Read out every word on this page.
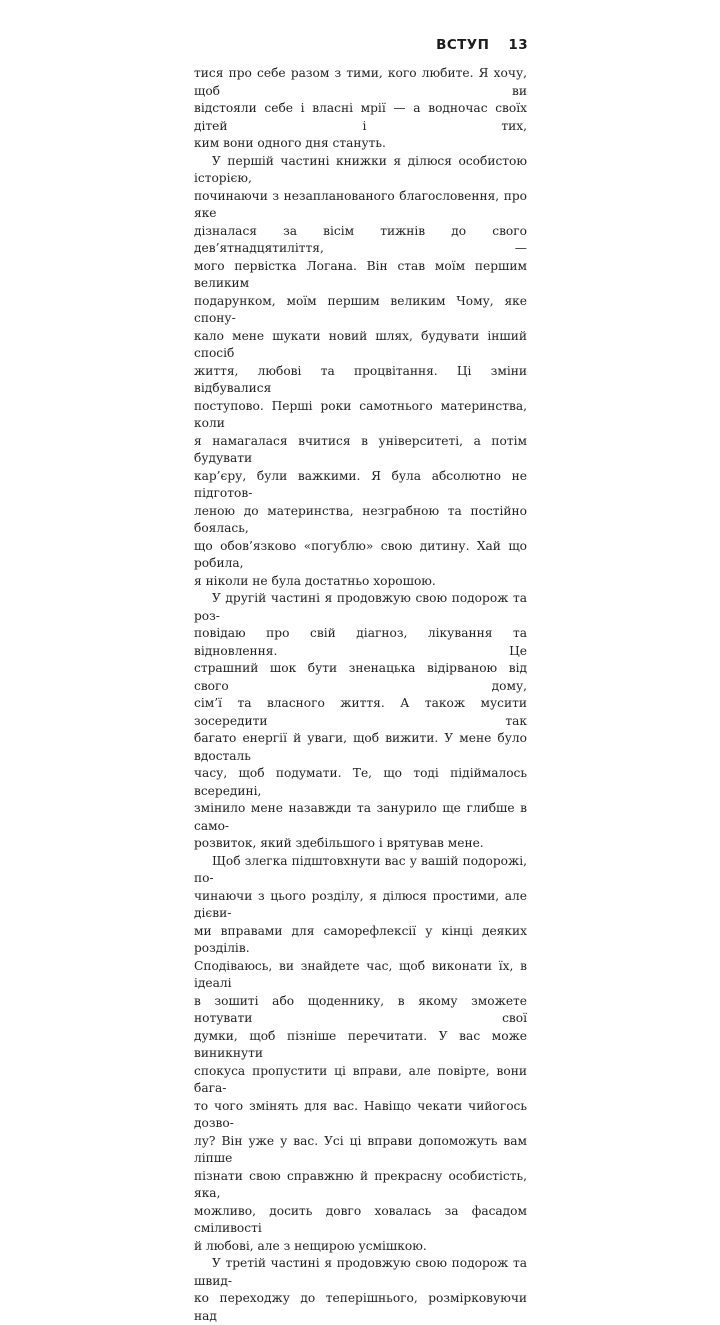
ВСТУП 13

тися про себе разом з тими, кого любите. Я хочу, щоб ви

відстояли себе і власні мрії — а водночас своїх дітей і тих,

ким вони одного дня стануть.

У першій частині книжки я ділюся особистою історією,

починаючи з незапланованого благословення, про яке

дізналася за вісім тижнів до свого дев’ятнадцятиліття, —

мого первістка Логана. Він став моїм першим великим

подарунком, моїм першим великим Чому, яке спону-

кало мене шукати новий шлях, будувати інший спосіб

життя, любові та процвітання. Ці зміни відбувалися

поступово. Перші роки самотнього материнства, коли

я намагалася вчитися в університеті, а потім будувати

кар’єру, були важкими. Я була абсолютно не підготов-

леною до материнства, незграбною та постійно боялась,

що обов’язково «погублю» свою дитину. Хай що робила,

я ніколи не була достатньо хорошою.

У другій частині я продовжую свою подорож та роз-

повідаю про свій діагноз, лікування та відновлення. Це

страшний шок бути зненацька відірваною від свого дому,

сім’ї та власного життя. А також мусити зосередити так

багато енергії й уваги, щоб вижити. У мене було вдосталь

часу, щоб подумати. Те, що тоді підіймалось всередині,

змінило мене назавжди та занурило ще глибше в само-

розвиток, який здебільшого і врятував мене.

Щоб злегка підштовхнути вас у вашій подорожі, по-

чинаючи з цього розділу, я ділюся простими, але дієви-

ми вправами для саморефлексії у кінці деяких розділів.

Сподіваюсь, ви знайдете час, щоб виконати їх, в ідеалі

в зошиті або щоденнику, в якому зможете нотувати свої

думки, щоб пізніше перечитати. У вас може виникнути

спокуса пропустити ці вправи, але повірте, вони бага-

то чого змінять для вас. Навіщо чекати чийогось дозво-

лу? Він уже у вас. Усі ці вправи допоможуть вам ліпше

пізнати свою справжню й прекрасну особистість, яка,

можливо, досить довго ховалась за фасадом сміливості

й любові, але з нещирою усмішкою.

У третій частині я продовжую свою подорож та швид-

ко переходжу до теперішнього, розмірковуючи над
